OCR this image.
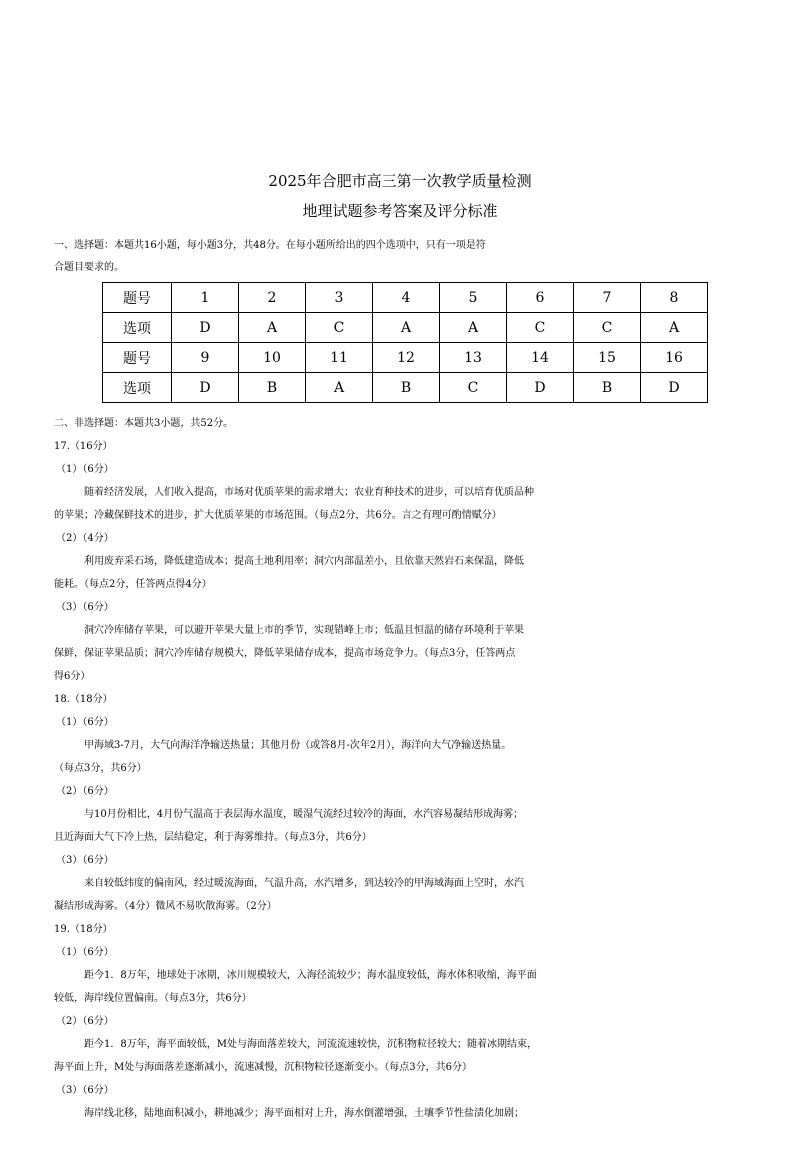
2025年合肥市高三第一次教学质量检测
地理试题参考答案及评分标准
一、选择题：本题共16小题，每小题3分，共48分。在每小题所给出的四个选项中，只有一项是符
合题目要求的。
题号	1	2	3	4	5	6	7	8
选项	D	A	C	A	A	C	C	A
题号	9	10	11	12	13	14	15	16
选项	D	B	A	B	C	D	B	D
二、非选择题：本题共3小题，共52分。
17.（16分）
（1）（6分）
随着经济发展，人们收入提高，市场对优质苹果的需求增大；农业育种技术的进步，可以培育优质品种
的苹果；冷藏保鲜技术的进步，扩大优质苹果的市场范围。（每点2分，共6分。言之有理可酌情赋分）
（2）（4分）
利用废弃采石场，降低建造成本；提高土地利用率；洞穴内部温差小，且依靠天然岩石来保温，降低
能耗。（每点2分，任答两点得4分）
（3）（6分）
洞穴冷库储存苹果，可以避开苹果大量上市的季节，实现错峰上市；低温且恒温的储存环境利于苹果
保鲜，保证苹果品质；洞穴冷库储存规模大，降低苹果储存成本，提高市场竞争力。（每点3分，任答两点
得6分）
18.（18分）
（1）（6分）
甲海域3-7月，大气向海洋净输送热量；其他月份（或答8月-次年2月），海洋向大气净输送热量。
（每点3分，共6分）
（2）（6分）
与10月份相比，4月份气温高于表层海水温度，暖湿气流经过较冷的海面，水汽容易凝结形成海雾；
且近海面大气下冷上热，层结稳定，利于海雾维持。（每点3分，共6分）
（3）（6分）
来自较低纬度的偏南风，经过暖流海面，气温升高，水汽增多，到达较冷的甲海域海面上空时，水汽
凝结形成海雾。（4分）微风不易吹散海雾。（2分）
19.（18分）
（1）（6分）
距今1．8万年，地球处于冰期，冰川规模较大，入海径流较少；海水温度较低，海水体积收缩，海平面
较低，海岸线位置偏南。（每点3分，共6分）
（2）（6分）
距今1．8万年，海平面较低，M处与海面落差较大，河流流速较快，沉积物粒径较大；随着冰期结束，
海平面上升，M处与海面落差逐渐减小，流速减慢，沉积物粒径逐渐变小。（每点3分，共6分）
（3）（6分）
海岸线北移，陆地面积减小，耕地减少；海平面相对上升，海水倒灌增强，土壤季节性盐渍化加剧；
